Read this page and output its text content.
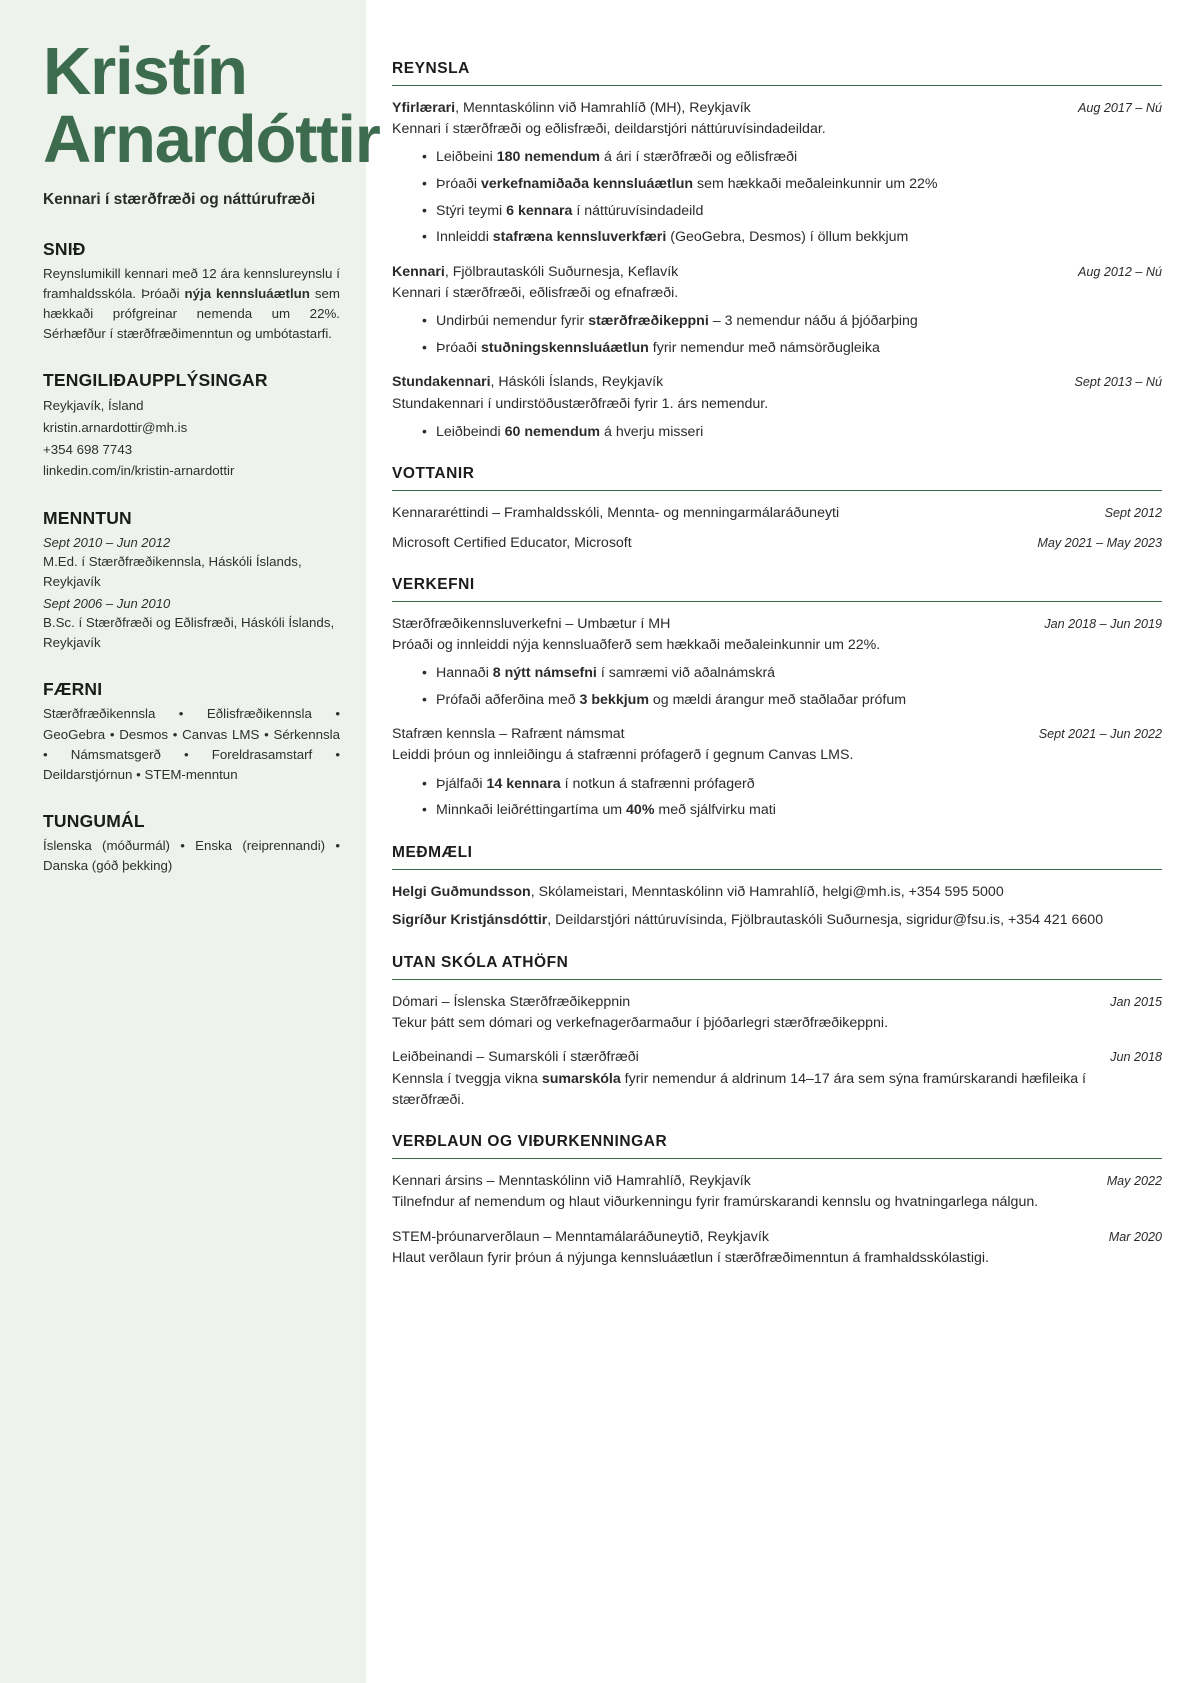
Kristín
Arnardóttir
Kennari í stærðfræði og náttúrufræði
SNIÐ
Reynslumikill kennari með 12 ára kennslureynslu í framhaldsskóla. Þróaði nýja kennsluáætlun sem hækkaði prófgreinar nemenda um 22%. Sérhæfður í stærðfræðimenntun og umbótastarfi.
TENGILIÐAUPPLÝSINGAR
Reykjavík, Ísland
kristin.arnardottir@mh.is
+354 698 7743
linkedin.com/in/kristin-arnardottir
MENNTUN
Sept 2010 – Jun 2012
M.Ed. í Stærðfræðikennsla, Háskóli Íslands, Reykjavík
Sept 2006 – Jun 2010
B.Sc. í Stærðfræði og Eðlisfræði, Háskóli Íslands, Reykjavík
FÆRNI
Stærðfræðikennsla • Eðlisfræðikennsla • GeoGebra • Desmos • Canvas LMS • Sérkennsla • Námsmatsgerð • Foreldrasamstarf • Deildarstjórnun • STEM-menntun
TUNGUMÁL
Íslenska (móðurmál) • Enska (reiprennandi) • Danska (góð þekking)
REYNSLA
Yfirlærari, Menntaskólinn við Hamrahlíð (MH), Reykjavík	Aug 2017 – Nú
Kennari í stærðfræði og eðlisfræði, deildarstjóri náttúruvísindadeildar.
• Leiðbeini 180 nemendum á ári í stærðfræði og eðlisfræði
• Þróaði verkefnamiðaða kennsluáætlun sem hækkaði meðaleinkunnir um 22%
• Stýri teymi 6 kennara í náttúruvísindadeild
• Innleiddi stafræna kennsluverkfæri (GeoGebra, Desmos) í öllum bekkjum
Kennari, Fjölbrautaskóli Suðurnesja, Keflavík	Aug 2012 – Nú
Kennari í stærðfræði, eðlisfræði og efnafræði.
• Undirbúi nemendur fyrir stærðfræðikeppni – 3 nemendur náðu á þjóðarþing
• Þróaði stuðningskennsluáætlun fyrir nemendur með námsörðugleika
Stundakennari, Háskóli Íslands, Reykjavík	Sept 2013 – Nú
Stundakennari í undirstöðustærðfræði fyrir 1. árs nemendur.
• Leiðbeindi 60 nemendum á hverju misseri
VOTTANIR
Kennararéttindi – Framhaldsskóli, Mennta- og menningarmálaráðuneyti	Sept 2012
Microsoft Certified Educator, Microsoft	May 2021 – May 2023
VERKEFNI
Stærðfræðikennsluverkefni – Umbætur í MH	Jan 2018 – Jun 2019
Þróaði og innleiddi nýja kennsluaðferð sem hækkaði meðaleinkunnir um 22%.
• Hannaði 8 nýtt námsefni í samræmi við aðalnámskrá
• Prófaði aðferðina með 3 bekkjum og mældi árangur með staðlaðar prófum
Stafræn kennsla – Rafrænt námsmat	Sept 2021 – Jun 2022
Leiddi þróun og innleiðingu á stafrænni prófagerð í gegnum Canvas LMS.
• Þjálfaði 14 kennara í notkun á stafrænni prófagerð
• Minnkaði leiðréttingartíma um 40% með sjálfvirku mati
MEÐMÆLI
Helgi Guðmundsson, Skólameistari, Menntaskólinn við Hamrahlíð, helgi@mh.is, +354 595 5000
Sigríður Kristjánsdóttir, Deildarstjóri náttúruvísinda, Fjölbrautaskóli Suðurnesja, sigridur@fsu.is, +354 421 6600
UTAN SKÓLA ATHÖFN
Dómari – Íslenska Stærðfræðikeppnin	Jan 2015
Tekur þátt sem dómari og verkefnagerðarmaður í þjóðarlegri stærðfræðikeppni.
Leiðbeinandi – Sumarskóli í stærðfræði	Jun 2018
Kennsla í tveggja vikna sumarskóla fyrir nemendur á aldrinum 14–17 ára sem sýna framúrskarandi hæfileika í stærðfræði.
VERÐLAUN OG VIÐURKENNINGAR
Kennari ársins – Menntaskólinn við Hamrahlíð, Reykjavík	May 2022
Tilnefndur af nemendum og hlaut viðurkenningu fyrir framúrskarandi kennslu og hvatningarlega nálgun.
STEM-þróunarverðlaun – Menntamálaráðuneytið, Reykjavík	Mar 2020
Hlaut verðlaun fyrir þróun á nýjunga kennsluáætlun í stærðfræðimenntun á framhaldsskólastigi.
